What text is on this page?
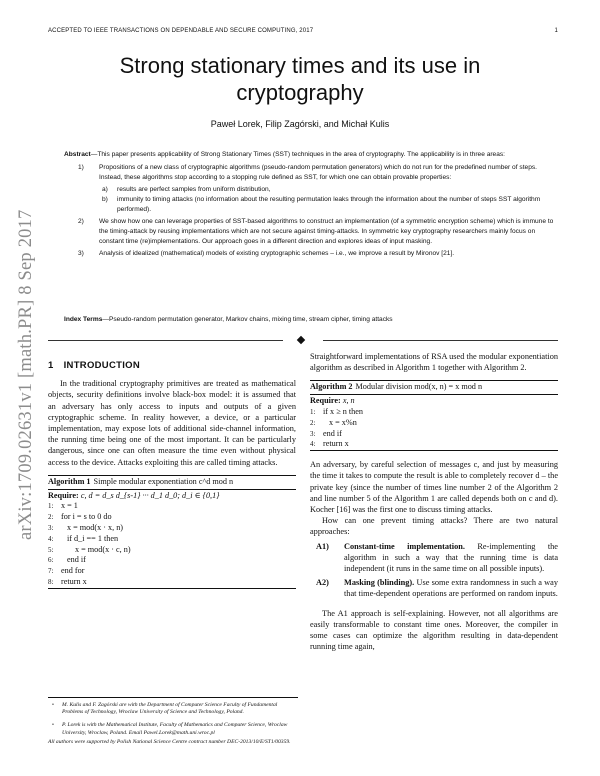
ACCEPTED TO IEEE TRANSACTIONS ON DEPENDABLE AND SECURE COMPUTING, 2017	1
arXiv:1709.02631v1 [math.PR] 8 Sep 2017
Strong stationary times and its use in cryptography
Paweł Lorek, Filip Zagórski, and Michał Kulis
Abstract—This paper presents applicability of Strong Stationary Times (SST) techniques in the area of cryptography. The applicability is in three areas:
1) Propositions of a new class of cryptographic algorithms (pseudo-random permutation generators) which do not run for the predefined number of steps. Instead, these algorithms stop according to a stopping rule defined as SST, for which one can obtain provable properties:
a) results are perfect samples from uniform distribution,
b) immunity to timing attacks (no information about the resulting permutation leaks through the information about the number of steps SST algorithm performed).
2) We show how one can leverage properties of SST-based algorithms to construct an implementation (of a symmetric encryption scheme) which is immune to the timing-attack by reusing implementations which are not secure against timing-attacks. In symmetric key cryptography researchers mainly focus on constant time (re)implementations. Our approach goes in a different direction and explores ideas of input masking.
3) Analysis of idealized (mathematical) models of existing cryptographic schemes – i.e., we improve a result by Mironov [21].
Index Terms—Pseudo-random permutation generator, Markov chains, mixing time, stream cipher, timing attacks
1 INTRODUCTION

In the traditional cryptography primitives are treated as mathematical objects, security definitions involve black-box model: it is assumed that an adversary has only access to inputs and outputs of a given cryptographic scheme. In reality however, a device, or a particular implementation, may expose lots of additional side-channel information, the running time being one of the most important. It can be particularly dangerous, since one can often measure the time even without physical access to the device. Attacks exploiting this are called timing attacks.

Algorithm 1 Simple modular exponentiation c^d mod n
Require: c, d = d_s d_{s-1} ··· d_1 d_0; d_i ∈ {0,1}
1: x = 1
2: for i = s to 0 do
3: x = mod(x · x, n)
4: if d_i == 1 then
5:	x = mod(x · c, n)
6: end if
7: end for
8: return x
• M. Kulis and F. Zagórski are with the Department of Computer Science Faculty of Fundamental Problems of Technology, Wroclaw University of Science and Technology, Poland.
• P. Lorek is with the Mathematical Institute, Faculty of Mathematics and Computer Science, Wroclaw University, Wroclaw, Poland. Email Pawel.Lorek@math.uni.wroc.pl
All authors were supported by Polish National Science Centre contract number DEC-2013/10/E/ST1/00359.

Straightforward implementations of RSA used the modular exponentiation algorithm as described in Algorithm 1 together with Algorithm 2.

Algorithm 2 Modular division mod(x, n) = x mod n
Require: x, n
1: if x ≥ n then
2: x = x%n
3: end if
4: return x

An adversary, by careful selection of messages c, and just by measuring the time it takes to compute the result is able to completely recover d – the private key (since the number of times line number 2 of the Algorithm 2 and line number 5 of the Algorithm 1 are called depends both on c and d). Kocher [16] was the first one to discuss timing attacks.

How can one prevent timing attacks? There are two natural approaches:

A1) Constant-time implementation. Re-implementing the algorithm in such a way that the running time is data independent (it runs in the same time on all possible inputs).
A2) Masking (blinding). Use some extra randomness in such a way that time-dependent operations are performed on random inputs.

The A1 approach is self-explaining. However, not all algorithms are easily transformable to constant time ones. Moreover, the compiler in some cases can optimize the algorithm resulting in data-dependent running time again,
